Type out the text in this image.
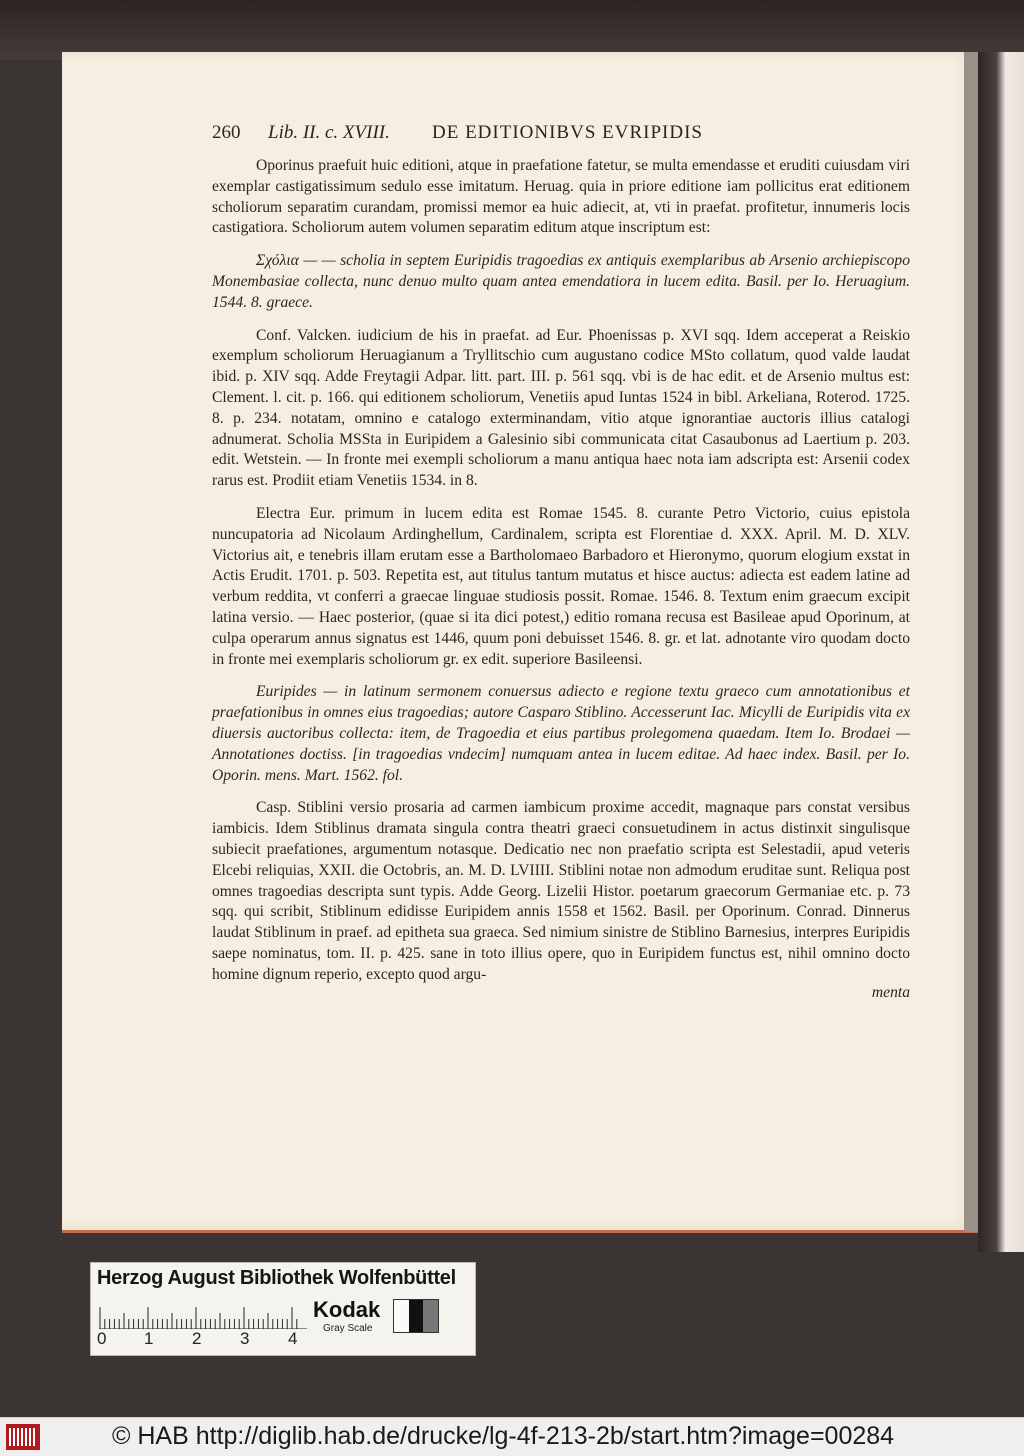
260 Lib. II. c. XVIII. DE EDITIONIBVS EVRIPIDIS

Oporinus praefuit huic editioni, atque in praefatione fatetur, se multa emendasse et eruditi cuiusdam viri exemplar castigatissimum sedulo esse imitatum. Heruag. quia in priore editione iam pollicitus erat editionem scholiorum separatim curandam, promissi memor ea huic adiecit, at, vti in praefat. profitetur, innumeris locis castigatiora. Scholiorum autem volumen separatim editum atque inscriptum est:

Σχόλια — — scholia in septem Euripidis tragoedias ex antiquis exemplaribus ab Arsenio archiepiscopo Monembasiae collecta, nunc denuo multo quam antea emendatiora in lucem edita. Basil. per Io. Heruagium. 1544. 8. graece.

Conf. Valcken. iudicium de his in praefat. ad Eur. Phoenissas p. XVI sqq. Idem acceperat a Reiskio exemplum scholiorum Heruagianum a Tryllitschio cum augustano codice MSto collatum, quod valde laudat ibid. p. XIV sqq. Adde Freytagii Adpar. litt. part. III. p. 561 sqq. vbi is de hac edit. et de Arsenio multus est: Clement. l. cit. p. 166. qui editionem scholiorum, Venetiis apud Iuntas 1524 in bibl. Arkeliana, Roterod. 1725. 8. p. 234. notatam, omnino e catalogo exterminandam, vitio atque ignorantiae auctoris illius catalogi adnumerat. Scholia MSSta in Euripidem a Galesinio sibi communicata citat Casaubonus ad Laertium p. 203. edit. Wetstein. — In fronte mei exempli scholiorum a manu antiqua haec nota iam adscripta est: Arsenii codex rarus est. Prodiit etiam Venetiis 1534. in 8.

Electra Eur. primum in lucem edita est Romae 1545. 8. curante Petro Victorio, cuius epistola nuncupatoria ad Nicolaum Ardinghellum, Cardinalem, scripta est Florentiae d. XXX. April. M. D. XLV. Victorius ait, e tenebris illam erutam esse a Bartholomaeo Barbadoro et Hieronymo, quorum elogium exstat in Actis Erudit. 1701. p. 503. Repetita est, aut titulus tantum mutatus et hisce auctus: adiecta est eadem latine ad verbum reddita, vt conferri a graecae linguae studiosis possit. Romae. 1546. 8. Textum enim graecum excipit latina versio. — Haec posterior, (quae si ita dici potest,) editio romana recusa est Basileae apud Oporinum, at culpa operarum annus signatus est 1446, quum poni debuisset 1546. 8. gr. et lat. adnotante viro quodam docto in fronte mei exemplaris scholiorum gr. ex edit. superiore Basileensi.

Euripides — in latinum sermonem conuersus adiecto e regione textu graeco cum annotationibus et praefationibus in omnes eius tragoedias; autore Casparo Stiblino. Accesserunt Iac. Micylli de Euripidis vita ex diuersis auctoribus collecta: item, de Tragoedia et eius partibus prolegomena quaedam. Item Io. Brodaei — Annotationes doctiss. [in tragoedias vndecim] numquam antea in lucem editae. Ad haec index. Basil. per Io. Oporin. mens. Mart. 1562. fol.

Casp. Stiblini versio prosaria ad carmen iambicum proxime accedit, magnaque pars constat versibus iambicis. Idem Stiblinus dramata singula contra theatri graeci consuetudinem in actus distinxit singulisque subiecit praefationes, argumentum notasque. Dedicatio nec non praefatio scripta est Selestadii, apud veteris Elcebi reliquias, XXII. die Octobris, an. M. D. LVIIII. Stiblini notae non admodum eruditae sunt. Reliqua post omnes tragoedias descripta sunt typis. Adde Georg. Lizelii Histor. poetarum graecorum Germaniae etc. p. 73 sqq. qui scribit, Stiblinum edidisse Euripidem annis 1558 et 1562. Basil. per Oporinum. Conrad. Dinnerus laudat Stiblinum in praef. ad epitheta sua graeca. Sed nimium sinistre de Stiblino Barnesius, interpres Euripidis saepe nominatus, tom. II. p. 425. sane in toto illius opere, quo in Euripidem functus est, nihil omnino docto homine dignum reperio, excepto quod argu-

menta

Herzog August Bibliothek Wolfenbüttel
0 1 2 3 4
Kodak
Gray Scale
© HAB http://diglib.hab.de/drucke/lg-4f-213-2b/start.htm?image=00284
